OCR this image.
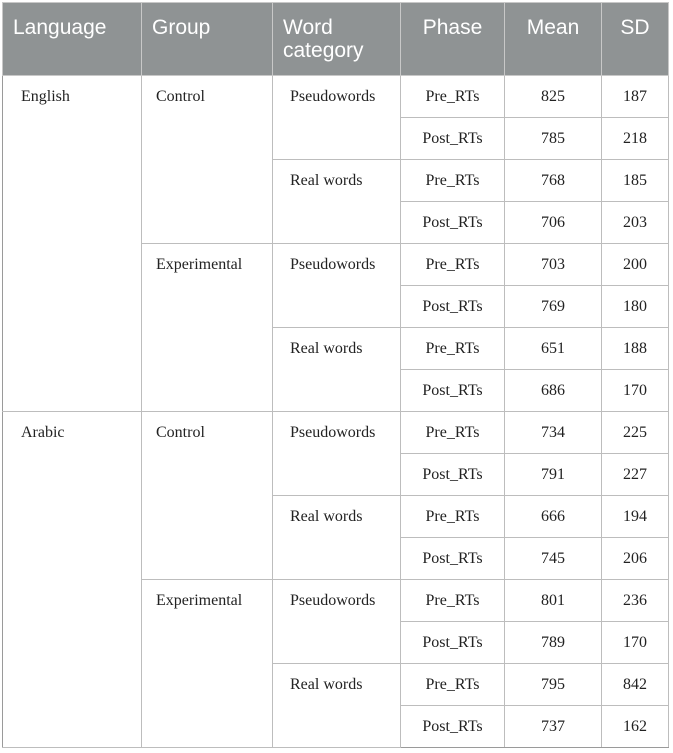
Language	Group	Word category	Phase	Mean	SD
English	Control	Pseudowords	Pre_RTs	825	187
			Post_RTs	785	218
		Real words	Pre_RTs	768	185
			Post_RTs	706	203
	Experimental	Pseudowords	Pre_RTs	703	200
			Post_RTs	769	180
		Real words	Pre_RTs	651	188
			Post_RTs	686	170
Arabic	Control	Pseudowords	Pre_RTs	734	225
			Post_RTs	791	227
		Real words	Pre_RTs	666	194
			Post_RTs	745	206
	Experimental	Pseudowords	Pre_RTs	801	236
			Post_RTs	789	170
		Real words	Pre_RTs	795	842
			Post_RTs	737	162
